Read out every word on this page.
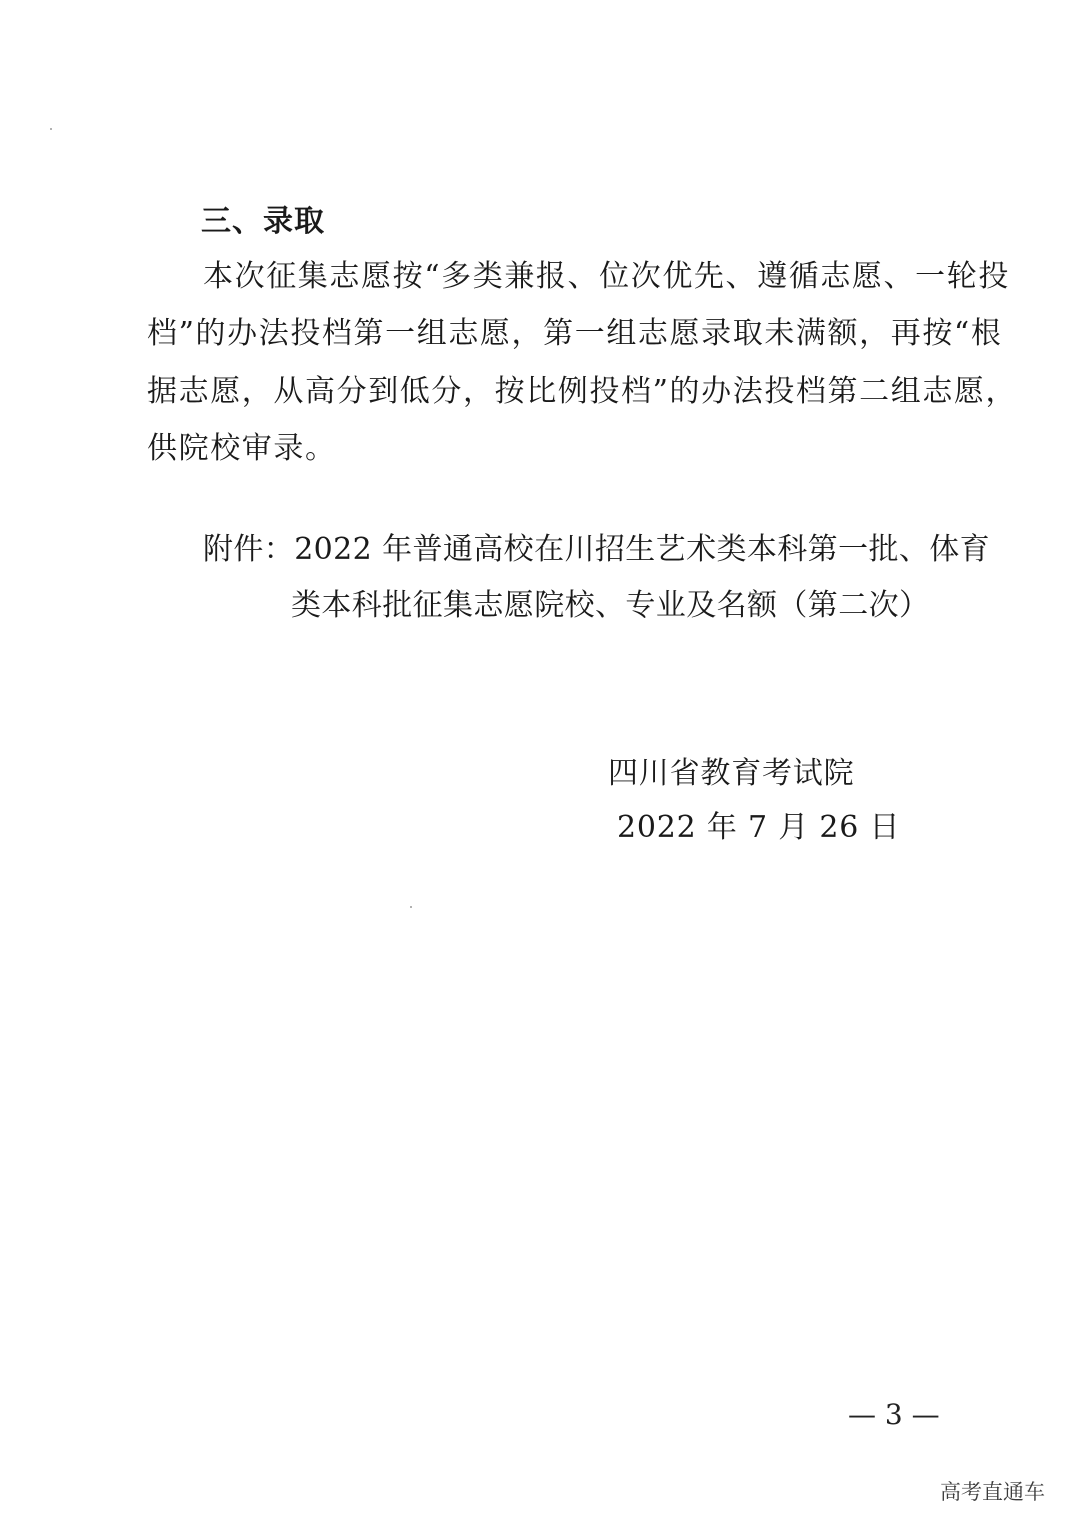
三、录取
本次征集志愿按“多类兼报、位次优先、遵循志愿、一轮投
档”的办法投档第一组志愿，第一组志愿录取未满额，再按“根
据志愿，从高分到低分，按比例投档”的办法投档第二组志愿，
供院校审录。
附件：2022 年普通高校在川招生艺术类本科第一批、体育
类本科批征集志愿院校、专业及名额（第二次）
四川省教育考试院
2022 年 7 月 26 日
— 3 —
高考直通车
